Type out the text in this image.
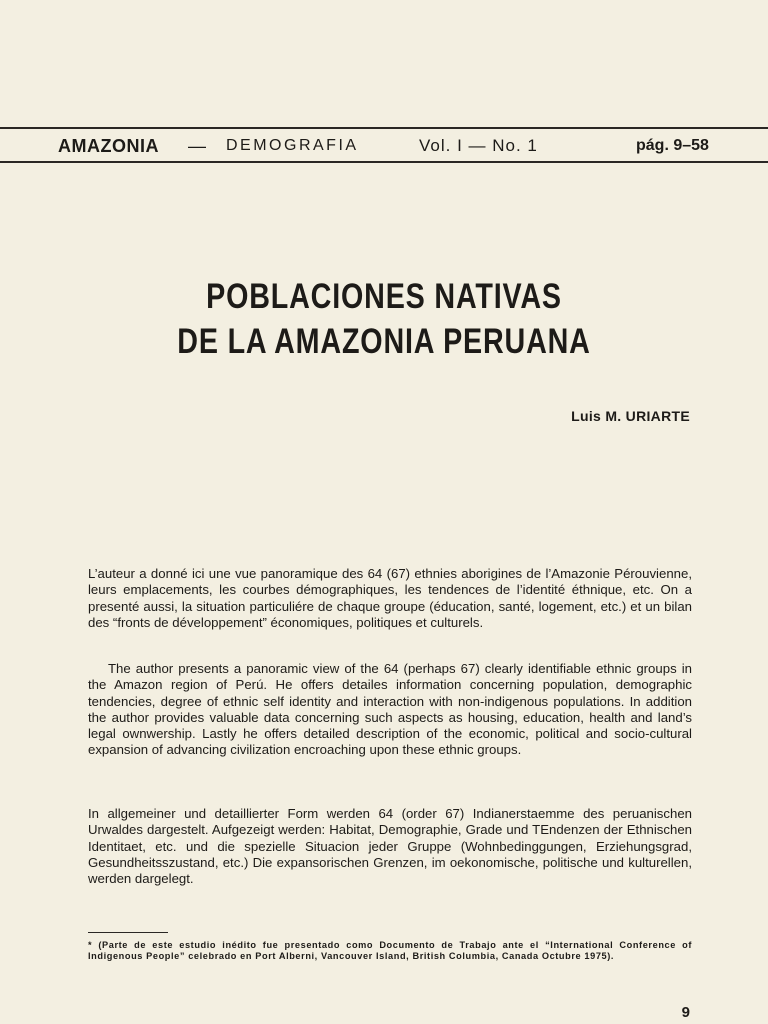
AMAZONIA — DEMOGRAFIA	Vol. I — No. 1	pág. 9–58
POBLACIONES NATIVAS
DE LA AMAZONIA PERUANA
Luis M. URIARTE

L’auteur a donné ici une vue panoramique des 64 (67) ethnies aborigines de l’Amazonie Pérouvienne, leurs emplacements, les courbes démographiques, les tendences de l’identité éthnique, etc. On a presenté aussi, la situation particuliére de chaque groupe (éducation, santé, logement, etc.) et un bilan des “fronts de développement” économiques, politiques et culturels.

The author presents a panoramic view of the 64 (perhaps 67) clearly identifiable ethnic groups in the Amazon region of Perú. He offers detailes information concerning population, demographic tendencies, degree of ethnic self identity and interaction with non-indigenous populations. In addition the author provides valuable data concerning such aspects as housing, education, health and land’s legal ownwership. Lastly he offers detailed description of the economic, political and socio-cultural expansion of advancing civilization encroaching upon these ethnic groups.

In allgemeiner und detaillierter Form werden 64 (order 67) Indianerstaemme des peruanischen Urwaldes dargestelt. Aufgezeigt werden: Habitat, Demographie, Grade und TEndenzen der Ethnischen Identitaet, etc. und die spezielle Situacion jeder Gruppe (Wohnbedinggungen, Erziehungsgrad, Gesundheitsszustand, etc.) Die expansorischen Grenzen, im oekonomische, politische und kulturellen, werden dargelegt.

* (Parte de este estudio inédito fue presentado como Documento de Trabajo ante el “International Conference of Indigenous People” celebrado en Port Alberni, Vancouver Island, British Columbia, Canada Octubre 1975).

9
